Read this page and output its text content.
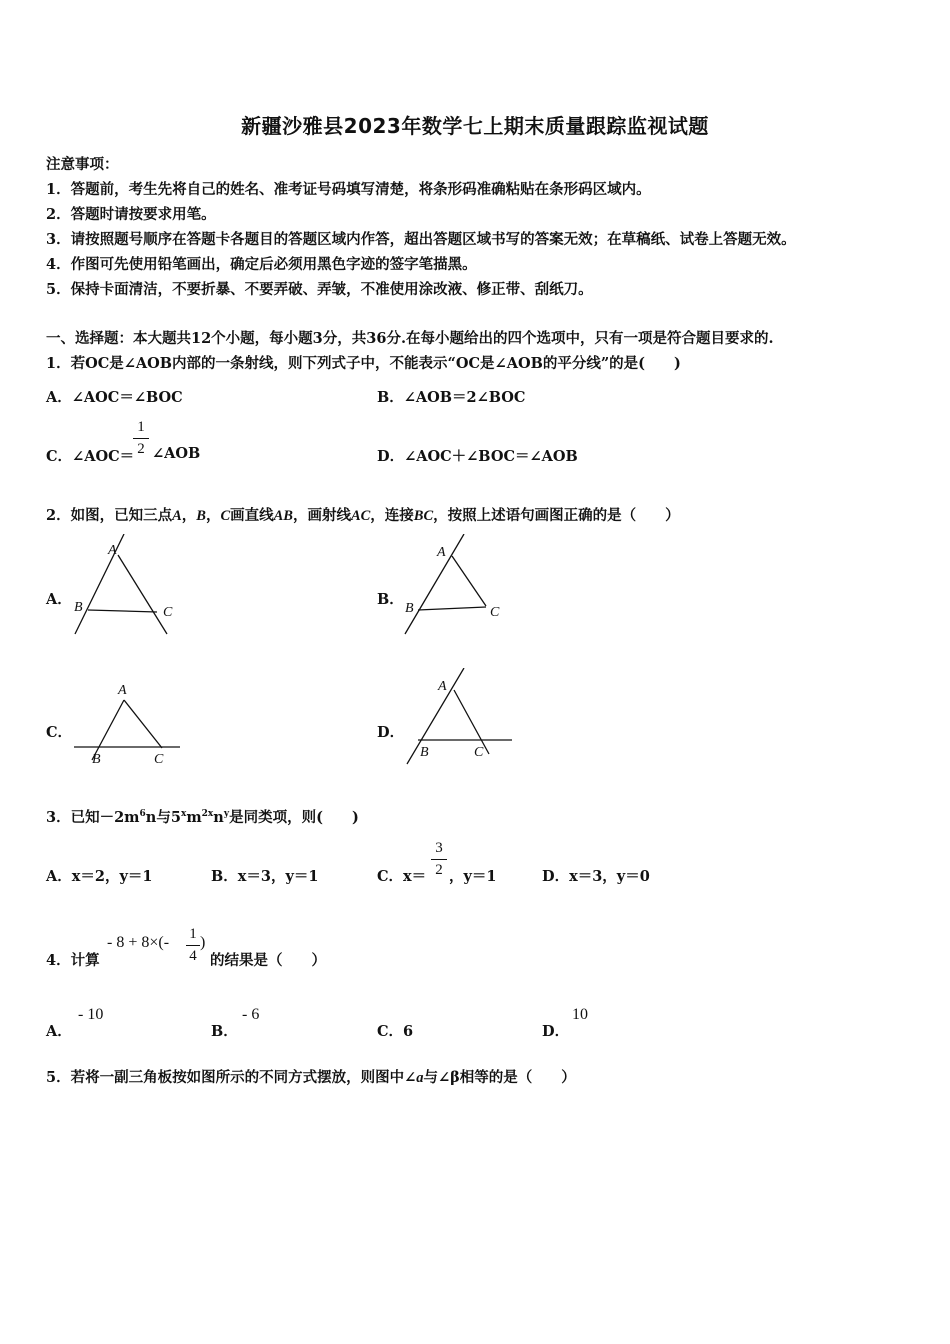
新疆沙雅县2023年数学七上期末质量跟踪监视试题
注意事项：
1．答题前，考生先将自己的姓名、准考证号码填写清楚，将条形码准确粘贴在条形码区域内。
2．答题时请按要求用笔。
3．请按照题号顺序在答题卡各题目的答题区域内作答，超出答题区域书写的答案无效；在草稿纸、试卷上答题无效。
4．作图可先使用铅笔画出，确定后必须用黑色字迹的签字笔描黑。
5．保持卡面清洁，不要折暴、不要弄破、弄皱，不准使用涂改液、修正带、刮纸刀。
一、选择题：本大题共12个小题，每小题3分，共36分.在每小题给出的四个选项中，只有一项是符合题目要求的.
1．若OC是∠AOB内部的一条射线，则下列式子中，不能表示“OC是∠AOB的平分线”的是(　　)
A．∠AOC＝∠BOC	B．∠AOB＝2∠BOC
C．∠AOC＝
1
2 ∠AOB	D．∠AOC＋∠BOC＝∠AOB
2．如图，已知三点A，B，C画直线AB，画射线AC，连接BC，按照上述语句画图正确的是（　　）
A．
A
B	C
B．
A
B	C
C．
A
B	C
D．
A
B	C
3．已知$-2m^6n$与$5^xm^{2x}n^y$是同类项，则(　　)
A．x＝2，y＝1	B．x＝3，y＝1	C．x＝
3
2 ，y＝1	D．x＝3，y＝0
4．计算
- 8 + 8×(- 1
4
)
的结果是（　　）
A．
- 10
B．
- 6
C．6	D．
10
5．若将一副三角板按如图所示的不同方式摆放，则图中∠a与∠β相等的是（　　）
